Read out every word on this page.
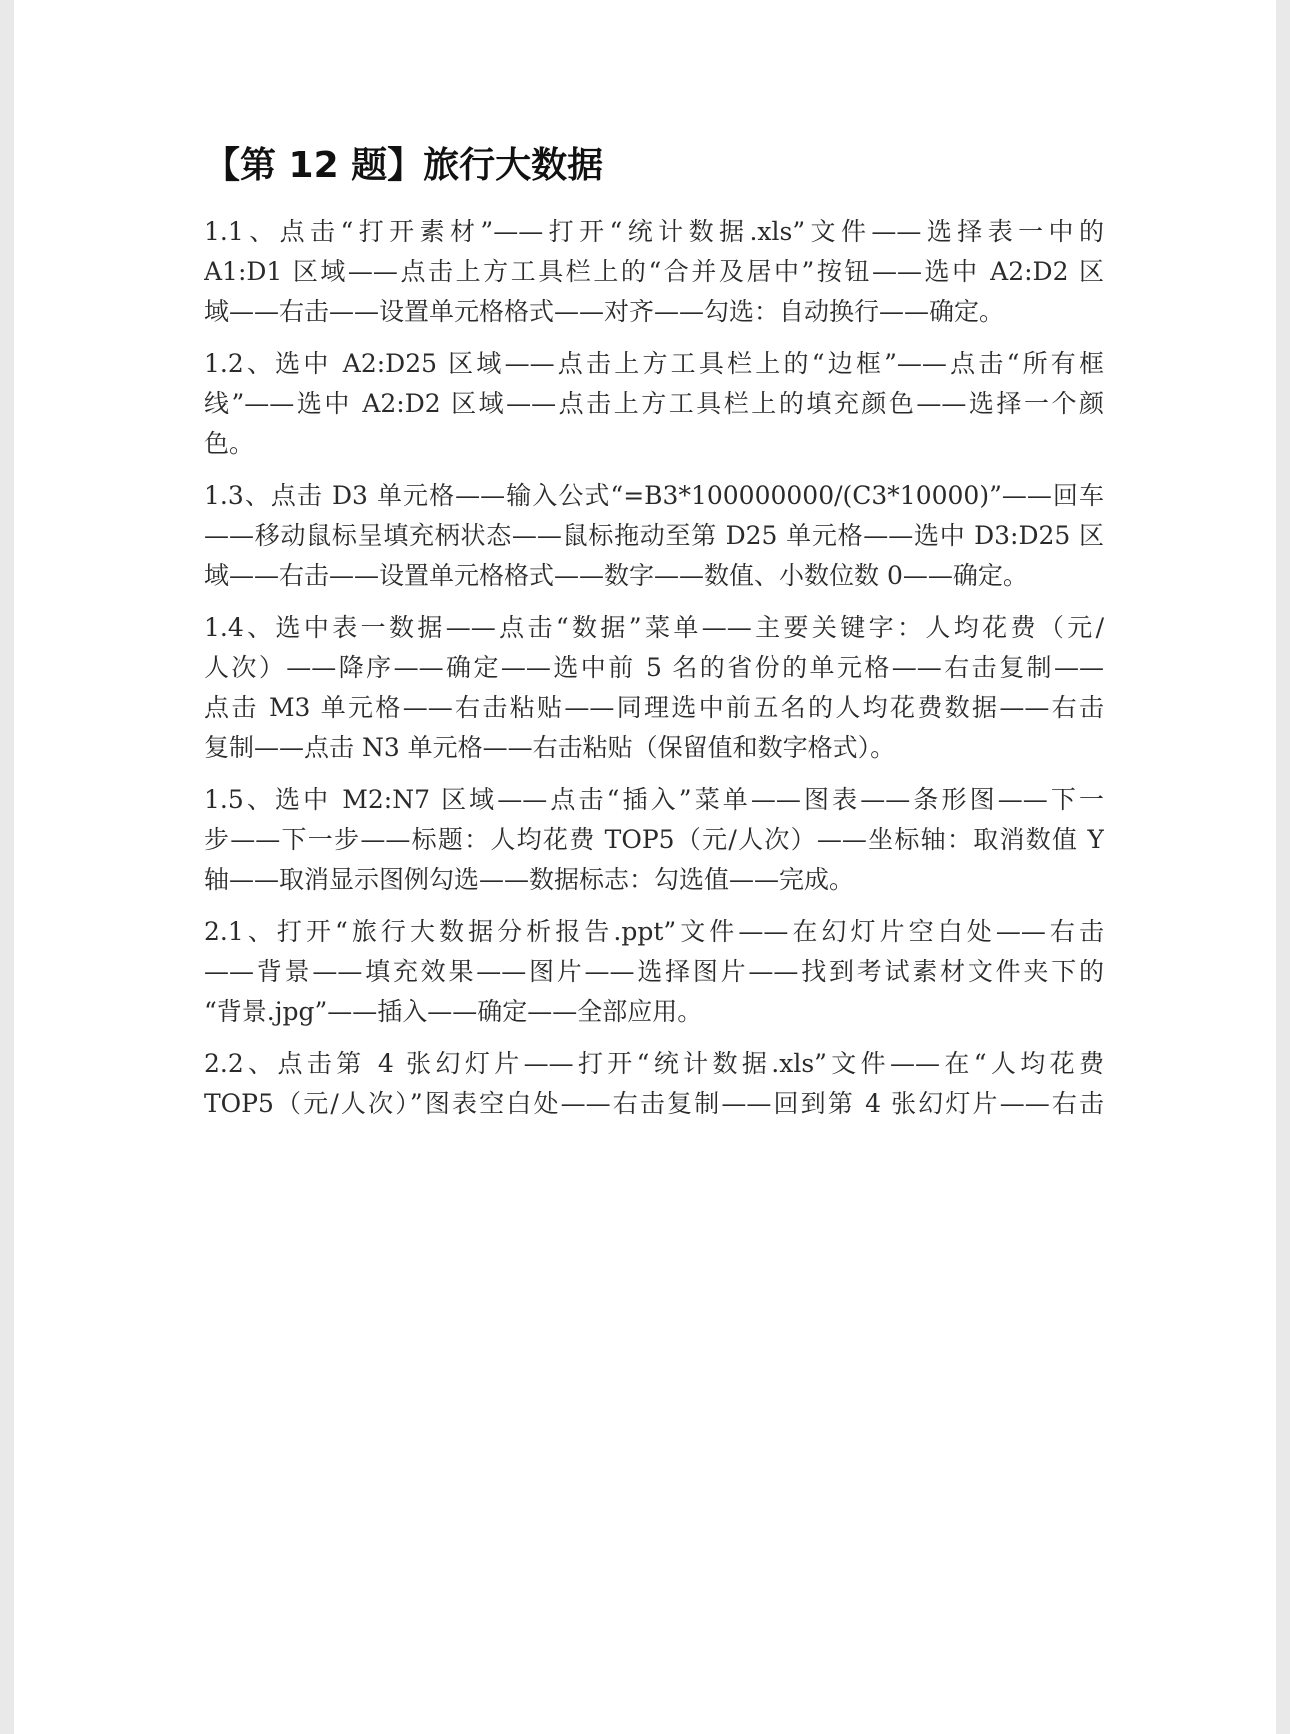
【第 12 题】旅行大数据

1.1、点击“打开素材”——打开“统计数据.xls”文件——选择表一中的

A1:D1 区域——点击上方工具栏上的“合并及居中”按钮——选中 A2:D2 区

域——右击——设置单元格格式——对齐——勾选：自动换行——确定。

1.2、选中 A2:D25 区域——点击上方工具栏上的“边框”——点击“所有框

线”——选中 A2:D2 区域——点击上方工具栏上的填充颜色——选择一个颜

色。

1.3、点击 D3 单元格——输入公式“=B3*100000000/(C3*10000)”——回车

——移动鼠标呈填充柄状态——鼠标拖动至第 D25 单元格——选中 D3:D25 区

域——右击——设置单元格格式——数字——数值、小数位数 0——确定。

1.4、选中表一数据——点击“数据”菜单——主要关键字：人均花费（元/

人次）——降序——确定——选中前 5 名的省份的单元格——右击复制——

点击 M3 单元格——右击粘贴——同理选中前五名的人均花费数据——右击

复制——点击 N3 单元格——右击粘贴（保留值和数字格式）。

1.5、选中 M2:N7 区域——点击“插入”菜单——图表——条形图——下一

步——下一步——标题：人均花费 TOP5（元/人次）——坐标轴：取消数值 Y

轴——取消显示图例勾选——数据标志：勾选值——完成。

2.1、打开“旅行大数据分析报告.ppt”文件——在幻灯片空白处——右击

——背景——填充效果——图片——选择图片——找到考试素材文件夹下的

“背景.jpg”——插入——确定——全部应用。

2.2、点击第 4 张幻灯片——打开“统计数据.xls”文件——在“人均花费

TOP5（元/人次）”图表空白处——右击复制——回到第 4 张幻灯片——右击
